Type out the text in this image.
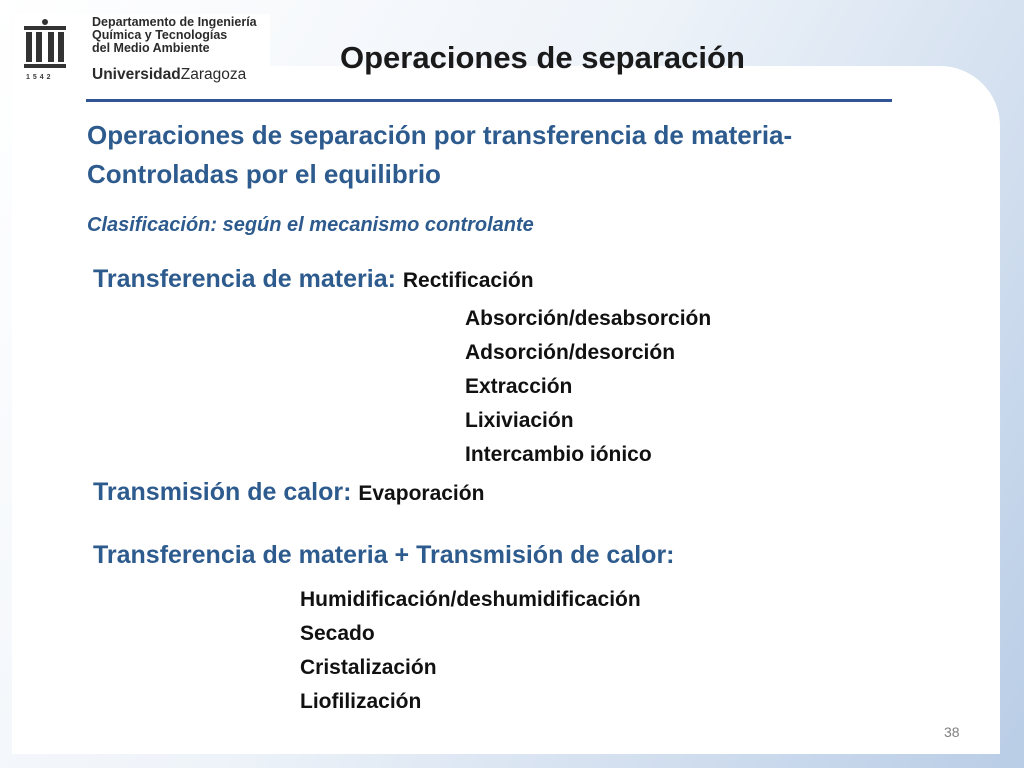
1542
Departamento de Ingeniería
Química y Tecnologías
del Medio Ambiente
UniversidadZaragoza	Operaciones de separación
Operaciones de separación por transferencia de materia-
Controladas por el equilibrio
Clasificación: según el mecanismo controlante
Transferencia de materia: Rectificación
Absorción/desabsorción
Adsorción/desorción
Extracción
Lixiviación
Intercambio iónico
Transmisión de calor: Evaporación
Transferencia de materia + Transmisión de calor:
Humidificación/deshumidificación
Secado
Cristalización
Liofilización
38
